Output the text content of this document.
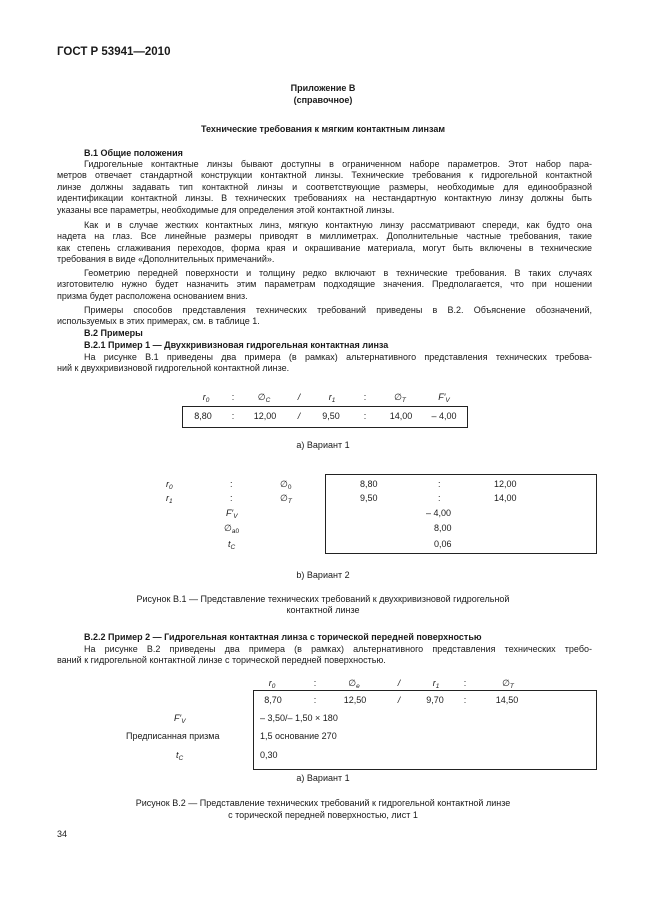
ГОСТ Р 53941—2010
Приложение В
(справочное)
Технические требования к мягким контактным линзам
В.1 Общие положения
Гидрогельные контактные линзы бывают доступны в ограниченном наборе параметров. Этот набор пара-
метров отвечает стандартной конструкции контактной линзы. Технические требования к гидрогельной контактной
линзе должны задавать тип контактной линзы и соответствующие размеры, необходимые для единообразной
идентификации контактной линзы. В технических требованиях на нестандартную контактную линзу должны быть
указаны все параметры, необходимые для определения этой контактной линзы.
Как и в случае жестких контактных линз, мягкую контактную линзу рассматривают спереди, как будто она
надета на глаз. Все линейные размеры приводят в миллиметрах. Дополнительные частные требования, такие
как степень сглаживания переходов, форма края и окрашивание материала, могут быть включены в технические
требования в виде «Дополнительных примечаний».
Геометрию передней поверхности и толщину редко включают в технические требования. В таких случаях
изготовителю нужно будет назначить этим параметрам подходящие значения. Предполагается, что при ношении
призма будет расположена основанием вниз.
Примеры способов представления технических требований приведены в В.2. Объяснение обозначений,
используемых в этих примерах, см. в таблице 1.
В.2 Примеры
В.2.1 Пример 1 — Двухкривизновая гидрогельная контактная линза
На рисунке В.1 приведены два примера (в рамках) альтернативного представления технических требова-
ний к двухкривизновой гидрогельной контактной линзе.
$r_0$	:	$\emptyset_C$	/	$r_1$	:	$\emptyset_T$	$F'_V$
8,80	:	12,00	/	9,50	:	14,00	– 4,00
а) Вариант 1
$r_0$	:	$\emptyset_0$	8,80	:	12,00
$r_1$	:	$\emptyset_T$	9,50	:	14,00
$F'_V$	– 4,00
$\emptyset_{a0}$	8,00
$t_C$	0,06
b) Вариант 2
Рисунок В.1 — Представление технических требований к двухкривизновой гидрогельной
контактной линзе
В.2.2 Пример 2 — Гидрогельная контактная линза с торической передней поверхностью
На рисунке В.2 приведены два примера (в рамках) альтернативного представления технических требо-
ваний к гидрогельной контактной линзе с торической передней поверхностью.
$r_0$	:	$\emptyset_e$	/	$r_1$	:	$\emptyset_T$
8,70	:	12,50	/	9,70	:	14,50
$F'_V$	– 3,50/– 1,50 × 180
Предписанная призма	1,5 основание 270
$t_C$	0,30
а) Вариант 1
Рисунок В.2 — Представление технических требований к гидрогельной контактной линзе
с торической передней поверхностью, лист 1
34
